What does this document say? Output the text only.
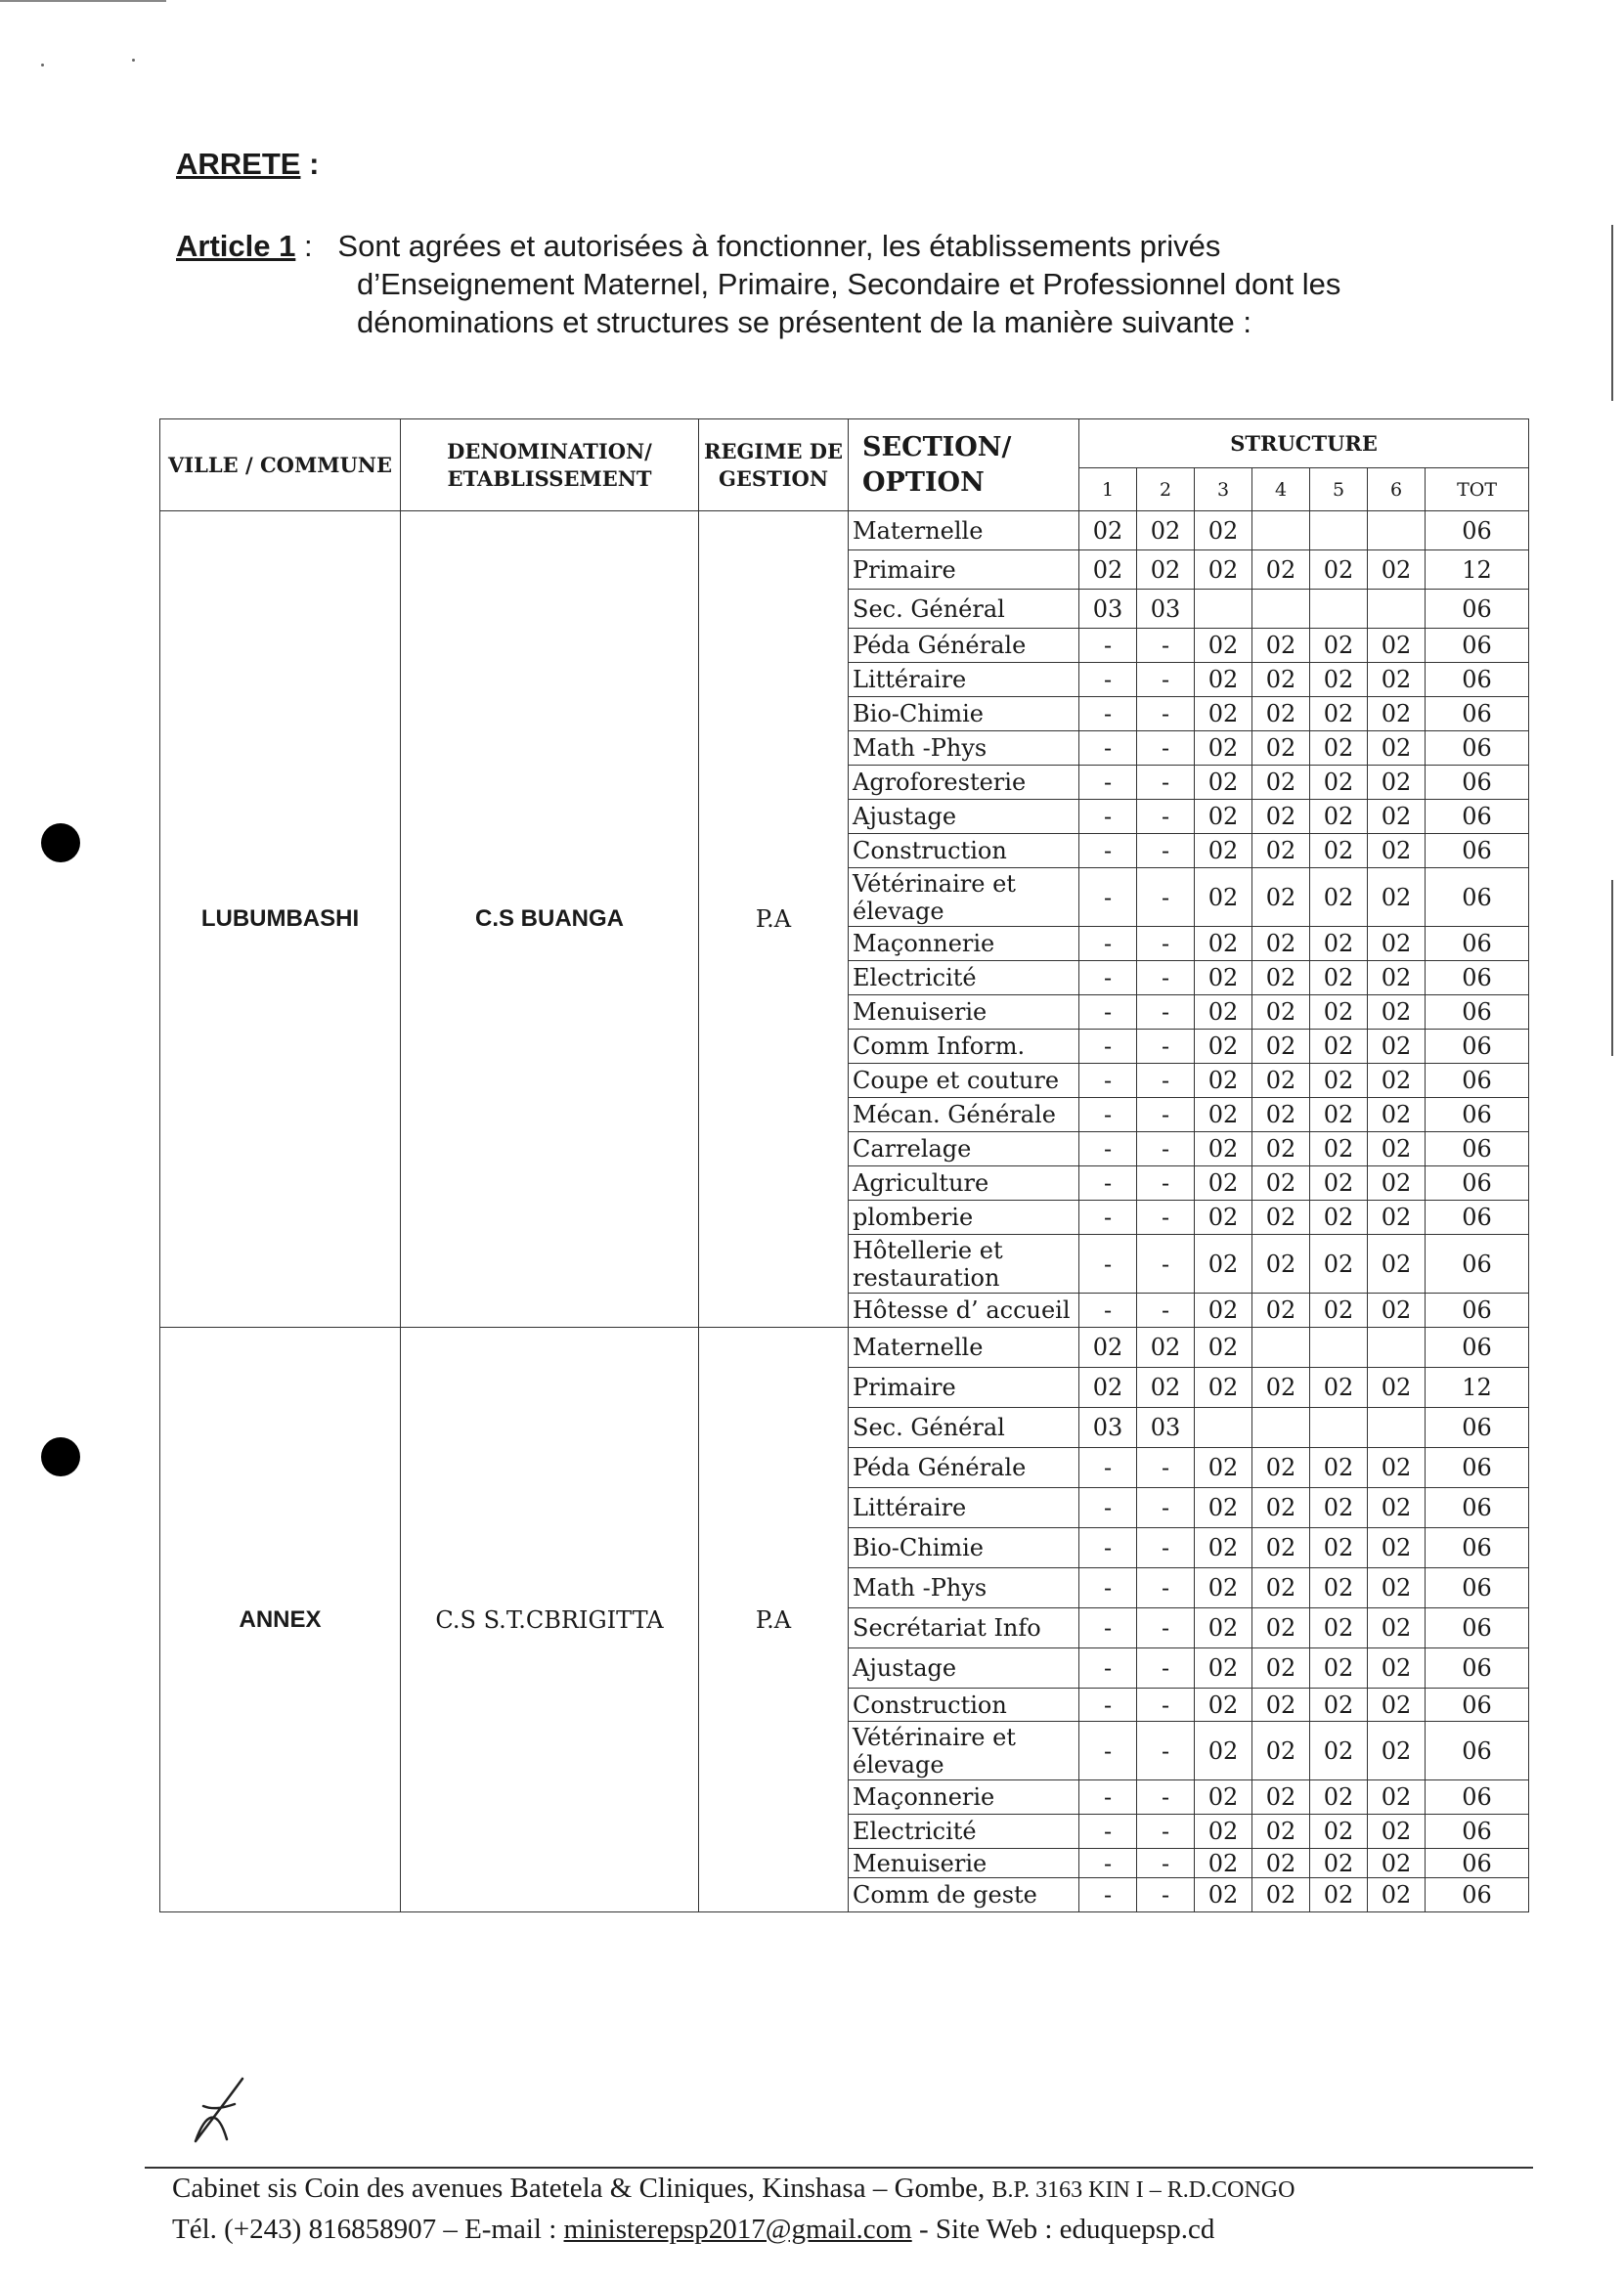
ARRETE :
Article 1 : Sont agrées et autorisées à fonctionner, les établissements privés
d’Enseignement Maternel, Primaire, Secondaire et Professionnel dont les
dénominations et structures se présentent de la manière suivante :
VILLE / COMMUNE	DENOMINATION/ ETABLISSEMENT	REGIME DE GESTION	SECTION/ OPTION	STRUCTURE						
				1	2	3	4	5	6	TOT
LUBUMBASHI	C.S BUANGA	P.A	Maternelle	02	02	02				06
			Primaire	02	02	02	02	02	02	12
			Sec. Général	03	03					06
			Péda Générale	-	-	02	02	02	02	06
			Littéraire	-	-	02	02	02	02	06
			Bio-Chimie	-	-	02	02	02	02	06
			Math -Phys	-	-	02	02	02	02	06
			Agroforesterie	-	-	02	02	02	02	06
			Ajustage	-	-	02	02	02	02	06
			Construction	-	-	02	02	02	02	06
			Vétérinaire et élevage	-	-	02	02	02	02	06
			Maçonnerie	-	-	02	02	02	02	06
			Electricité	-	-	02	02	02	02	06
			Menuiserie	-	-	02	02	02	02	06
			Comm Inform.	-	-	02	02	02	02	06
			Coupe et couture	-	-	02	02	02	02	06
			Mécan. Générale	-	-	02	02	02	02	06
			Carrelage	-	-	02	02	02	02	06
			Agriculture	-	-	02	02	02	02	06
			plomberie	-	-	02	02	02	02	06
			Hôtellerie et restauration	-	-	02	02	02	02	06
			Hôtesse d’ accueil	-	-	02	02	02	02	06
ANNEX	C.S S.T.CBRIGITTA	P.A	Maternelle	02	02	02				06
			Primaire	02	02	02	02	02	02	12
			Sec. Général	03	03					06
			Péda Générale	-	-	02	02	02	02	06
			Littéraire	-	-	02	02	02	02	06
			Bio-Chimie	-	-	02	02	02	02	06
			Math -Phys	-	-	02	02	02	02	06
			Secrétariat Info	-	-	02	02	02	02	06
			Ajustage	-	-	02	02	02	02	06
			Construction	-	-	02	02	02	02	06
			Vétérinaire et élevage	-	-	02	02	02	02	06
			Maçonnerie	-	-	02	02	02	02	06
			Electricité	-	-	02	02	02	02	06
			Menuiserie	-	-	02	02	02	02	06
			Comm de geste	-	-	02	02	02	02	06
Cabinet sis Coin des avenues Batetela & Cliniques, Kinshasa – Gombe, B.P. 3163 KIN I – R.D.CONGO
Tél. (+243) 816858907 – E-mail : ministerepsp2017@gmail.com - Site Web : eduquepsp.cd
